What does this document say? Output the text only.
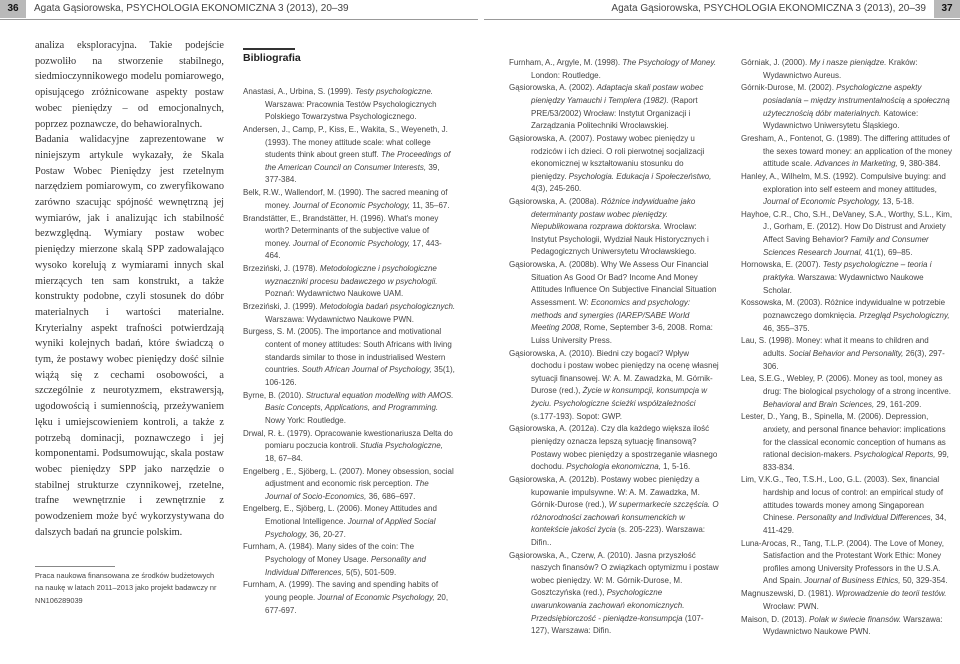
36 Agata Gąsiorowska, PSYCHOLOGIA EKONOMICZNA 3 (2013), 20–39	Agata Gąsiorowska, PSYCHOLOGIA EKONOMICZNA 3 (2013), 20–39 37

analiza eksploracyjna. Takie podejście pozwoliło na stworzenie stabilnego, siedmioczynnikowego modelu pomiarowego, opisującego zróżnicowane aspekty postaw wobec pieniędzy – od emocjonalnych, poprzez poznawcze, do behawioralnych.

Badania walidacyjne zaprezentowane w niniejszym artykule wykazały, że Skala Postaw Wobec Pieniędzy jest rzetelnym narzędziem pomiarowym, co zweryfikowano zarówno szacując spójność wewnętrzną jej wymiarów, jak i analizując ich stabilność bezwzględną. Wymiary postaw wobec pieniędzy mierzone skalą SPP zadowalająco wysoko korelują z wymiarami innych skal mierzących ten sam konstrukt, a także konstrukty podobne, czyli stosunek do dóbr materialnych i wartości materialne. Kryterialny aspekt trafności potwierdzają wyniki kolejnych badań, które świadczą o tym, że postawy wobec pieniędzy dość silnie wiążą się z cechami osobowości, a szczególnie z neurotyzmem, ekstrawersją, ugodowością i sumiennością, przeżywaniem lęku i umiejscowieniem kontroli, a także z potrzebą dominacji, poznawczego i jej komponentami. Podsumowując, skala postaw wobec pieniędzy SPP jako narzędzie o stabilnej strukturze czynnikowej, rzetelne, trafne wewnętrznie i zewnętrznie z powodzeniem może być wykorzystywana do dalszych badań na gruncie polskim.

Praca naukowa finansowana ze środków budżetowych na naukę w latach 2011–2013 jako projekt badawczy nr NN106289039
Bibliografia

Anastasi, A., Urbina, S. (1999). Testy psychologiczne. Warszawa: Pracownia Testów Psychologicznych Polskiego Towarzystwa Psychologicznego.

Andersen, J., Camp, P., Kiss, E., Wakita, S., Weyeneth, J. (1993). The money attitude scale: what college students think about green stuff. The Proceedings of the American Council on Consumer Interests, 39, 377-384.

Belk, R.W., Wallendorf, M. (1990). The sacred meaning of money. Journal of Economic Psychology, 11, 35–67.

Brandstätter, E., Brandstätter, H. (1996). What's money worth? Determinants of the subjective value of money. Journal of Economic Psychology, 17, 443-464.

Brzeziński, J. (1978). Metodologiczne i psychologiczne wyznaczniki procesu badawczego w psychologii. Poznań: Wydawnictwo Naukowe UAM.

Brzeziński, J. (1999). Metodologia badań psychologicznych. Warszawa: Wydawnictwo Naukowe PWN.

Burgess, S. M. (2005). The importance and motivational content of money attitudes: South Africans with living standards similar to those in industrialised Western countries. South African Journal of Psychology, 35(1), 106-126.

Byrne, B. (2010). Structural equation modelling with AMOS. Basic Concepts, Applications, and Programming. Nowy York: Routledge.

Drwal, R. Ł. (1979). Opracowanie kwestionariusza Delta do pomiaru poczucia kontroli. Studia Psychologiczne, 18, 67–84.

Engelberg , E., Sjöberg, L. (2007). Money obsession, social adjustment and economic risk perception. The Journal of Socio-Economics, 36, 686–697.

Engelberg, E., Sjöberg, L. (2006). Money Attitudes and Emotional Intelligence. Journal of Applied Social Psychology, 36, 20-27.

Furnham, A. (1984). Many sides of the coin: The Psychology of Money Usage. Personality and Individual Differences, 5(5), 501-509.

Furnham, A. (1999). The saving and spending habits of young people. Journal of Economic Psychology, 20, 677-697.

Furnham, A., Argyle, M. (1998). The Psychology of Money. London: Routledge.

Gąsiorowska, A. (2002). Adaptacja skali postaw wobec pieniędzy Yamauchi i Templera (1982). (Raport PRE/53/2002) Wrocław: Instytut Organizacji i Zarządzania Politechniki Wrocławskiej.

Gąsiorowska, A. (2007). Postawy wobec pieniędzy u rodziców i ich dzieci. O roli pierwotnej socjalizacji ekonomicznej w kształtowaniu stosunku do pieniędzy. Psychologia. Edukacja i Społeczeństwo, 4(3), 245-260.

Gąsiorowska, A. (2008a). Różnice indywidualne jako determinanty postaw wobec pieniędzy. Niepublikowana rozprawa doktorska. Wrocław: Instytut Psychologii, Wydział Nauk Historycznych i Pedagogicznych Uniwersytetu Wrocławskiego.

Gąsiorowska, A. (2008b). Why We Assess Our Financial Situation As Good Or Bad? Income And Money Attitudes Influence On Subjective Financial Situation Assessment. W: Economics and psychology: methods and synergies (IAREP/SABE World Meeting 2008, Rome, September 3-6, 2008. Roma: Luiss University Press.

Gąsiorowska, A. (2010). Biedni czy bogaci? Wpływ dochodu i postaw wobec pieniędzy na ocenę własnej sytuacji finansowej. W: A. M. Zawadzka, M. Górnik-Durose (red.), Życie w konsumpcji, konsumpcja w życiu. Psychologiczne ścieżki współzależności (s.177-193). Sopot: GWP.

Gąsiorowska, A. (2012a). Czy dla każdego większa ilość pieniędzy oznacza lepszą sytuację finansową? Postawy wobec pieniędzy a spostrzeganie własnego dochodu. Psychologia ekonomiczna, 1, 5-16.

Gąsiorowska, A. (2012b). Postawy wobec pieniędzy a kupowanie impulsywne. W: A. M. Zawadzka, M. Górnik-Durose (red.), W supermarkecie szczęścia. O różnorodności zachowań konsumenckich w kontekście jakości życia (s. 205-223). Warszawa: Difin..

Gąsiorowska, A., Czerw, A. (2010). Jasna przyszłość naszych finansów? O związkach optymizmu i postaw wobec pieniędzy. W: M. Górnik-Durose, M. Gosztczyńska (red.), Psychologiczne uwarunkowania zachowań ekonomicznych. Przedsiębiorczość - pieniądze-konsumpcja (107-127), Warszawa: Difin.

Górniak, J. (2000). My i nasze pieniądze. Kraków: Wydawnictwo Aureus.

Górnik-Durose, M. (2002). Psychologiczne aspekty posiadania – między instrumentalnością a społeczną użytecznością dóbr materialnych. Katowice: Wydawnictwo Uniwersytetu Śląskiego.

Gresham, A., Fontenot, G. (1989). The differing attitudes of the sexes toward money: an application of the money attitude scale. Advances in Marketing, 9, 380-384.

Hanley, A., Wilhelm, M.S. (1992). Compulsive buying: and exploration into self esteem and money attitudes, Journal of Economic Psychology, 13, 5-18.

Hayhoe, C.R., Cho, S.H., DeVaney, S.A., Worthy, S.L., Kim, J., Gorham, E. (2012). How Do Distrust and Anxiety Affect Saving Behavior? Family and Consumer Sciences Research Journal, 41(1), 69–85.

Hornowska, E. (2007). Testy psychologiczne – teoria i praktyka. Warszawa: Wydawnictwo Naukowe Scholar.

Kossowska, M. (2003). Różnice indywidualne w potrzebie poznawczego domknięcia. Przegląd Psychologiczny, 46, 355–375.

Lau, S. (1998). Money: what it means to children and adults. Social Behavior and Personality, 26(3), 297-306.

Lea, S.E.G., Webley, P. (2006). Money as tool, money as drug: The biological psychology of a strong incentive. Behavioral and Brain Sciences, 29, 161-209.

Lester, D., Yang, B., Spinella, M. (2006). Depression, anxiety, and personal finance behavior: implications for the classical economic conception of humans as rational decision-makers. Psychological Reports, 99, 833-834.

Lim, V.K.G., Teo, T.S.H., Loo, G.L. (2003). Sex, financial hardship and locus of control: an empirical study of attitudes towards money among Singaporean Chinese. Personality and Individual Differences, 34, 411-429.

Luna-Arocas, R., Tang, T.L.P. (2004). The Love of Money, Satisfaction and the Protestant Work Ethic: Money profiles among University Professors in the U.S.A. And Spain. Journal of Business Ethics, 50, 329-354.

Magnuszewski, D. (1981). Wprowadzenie do teorii testów. Wrocław: PWN.

Maison, D. (2013). Polak w świecie finansów. Warszawa: Wydawnictwo Naukowe PWN.
